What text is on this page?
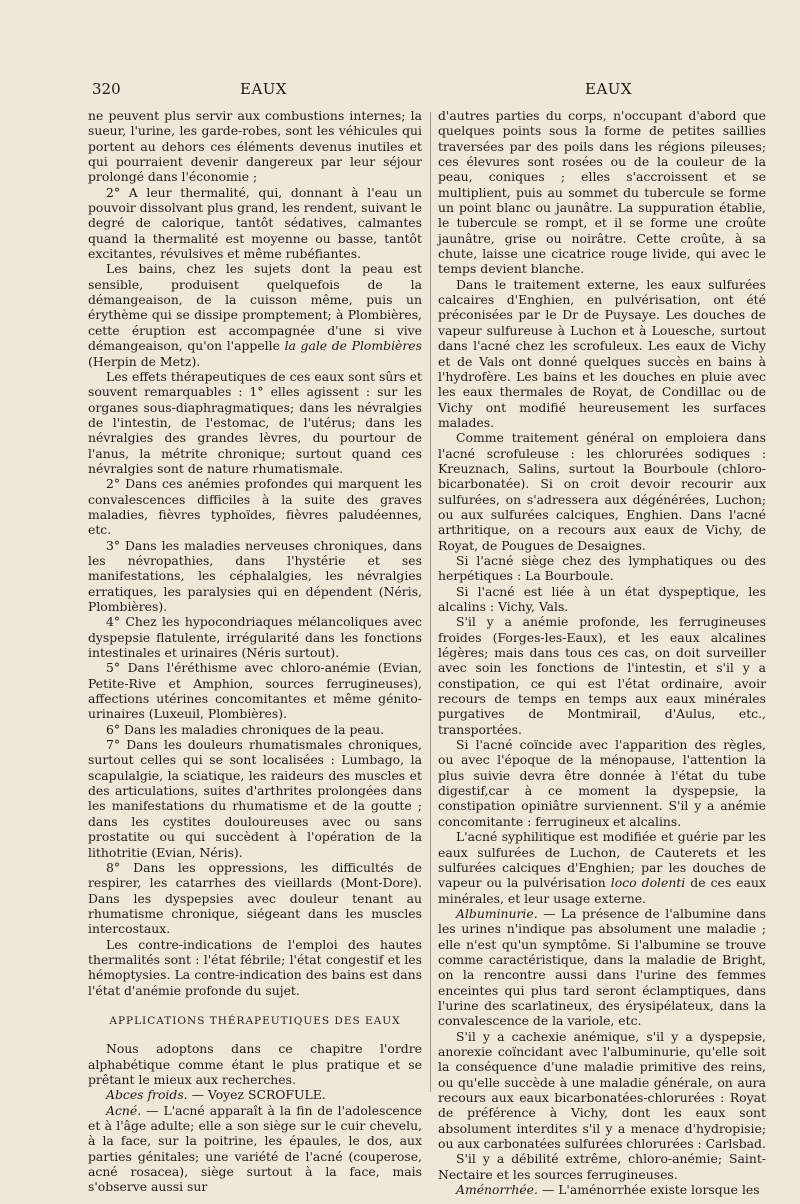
320	EAUX	EAUX

ne peuvent plus servir aux combustions internes; la sueur, l'urine, les garde-robes, sont les véhicules qui portent au dehors ces éléments devenus inutiles et qui pourraient devenir dangereux par leur séjour prolongé dans l'économie ;

2° A leur thermalité, qui, donnant à l'eau un pouvoir dissolvant plus grand, les rendent, suivant le degré de calorique, tantôt sédatives, calmantes quand la thermalité est moyenne ou basse, tantôt excitantes, révulsives et même rubéfiantes.

Les bains, chez les sujets dont la peau est sensible, produisent quelquefois de la démangeaison, de la cuisson même, puis un érythème qui se dissipe promptement; à Plombières, cette éruption est accompagnée d'une si vive démangeaison, qu'on l'appelle la gale de Plombières (Herpin de Metz).

Les effets thérapeutiques de ces eaux sont sûrs et souvent remarquables : 1° elles agissent : sur les organes sous-diaphragmatiques; dans les névralgies de l'intestin, de l'estomac, de l'utérus; dans les névralgies des grandes lèvres, du pourtour de l'anus, la métrite chronique; surtout quand ces névralgies sont de nature rhumatismale.

2° Dans ces anémies profondes qui marquent les convalescences difficiles à la suite des graves maladies, fièvres typhoïdes, fièvres paludéennes, etc.

3° Dans les maladies nerveuses chroniques, dans les névropathies, dans l'hystérie et ses manifestations, les céphalalgies, les névralgies erratiques, les paralysies qui en dépendent (Néris, Plombières).

4° Chez les hypocondriaques mélancoliques avec dyspepsie flatulente, irrégularité dans les fonctions intestinales et urinaires (Néris surtout).

5° Dans l'éréthisme avec chloro-anémie (Evian, Petite-Rive et Amphion, sources ferrugineuses), affections utérines concomitantes et même génito-urinaires (Luxeuil, Plombières).

6° Dans les maladies chroniques de la peau.

7° Dans les douleurs rhumatismales chroniques, surtout celles qui se sont localisées : Lumbago, la scapulalgie, la sciatique, les raideurs des muscles et des articulations, suites d'arthrites prolongées dans les manifestations du rhumatisme et de la goutte ; dans les cystites douloureuses avec ou sans prostatite ou qui succèdent à l'opération de la lithotritie (Evian, Néris).

8° Dans les oppressions, les difficultés de respirer, les catarrhes des vieillards (Mont-Dore). Dans les dyspepsies avec douleur tenant au rhumatisme chronique, siégeant dans les muscles intercostaux.

Les contre-indications de l'emploi des hautes thermalités sont : l'état fébrile; l'état congestif et les hémoptysies. La contre-indication des bains est dans l'état d'anémie profonde du sujet.

APPLICATIONS THÉRAPEUTIQUES DES EAUX

Nous adoptons dans ce chapitre l'ordre alphabétique comme étant le plus pratique et se prêtant le mieux aux recherches.

Abces froids. — Voyez SCROFULE.

Acné. — L'acné apparaît à la fin de l'adolescence et à l'âge adulte; elle a son siège sur le cuir chevelu, à la face, sur la poitrine, les épaules, le dos, aux parties génitales; une variété de l'acné (couperose, acné rosacea), siège surtout à la face, mais s'observe aussi sur

d'autres parties du corps, n'occupant d'abord que quelques points sous la forme de petites saillies traversées par des poils dans les régions pileuses; ces élevures sont rosées ou de la couleur de la peau, coniques ; elles s'accroissent et se multiplient, puis au sommet du tubercule se forme un point blanc ou jaunâtre. La suppuration établie, le tubercule se rompt, et il se forme une croûte jaunâtre, grise ou noirâtre. Cette croûte, à sa chute, laisse une cicatrice rouge livide, qui avec le temps devient blanche.

Dans le traitement externe, les eaux sulfurées calcaires d'Enghien, en pulvérisation, ont été préconisées par le Dr de Puysaye. Les douches de vapeur sulfureuse à Luchon et à Louesche, surtout dans l'acné chez les scrofuleux. Les eaux de Vichy et de Vals ont donné quelques succès en bains à l'hydrofère. Les bains et les douches en pluie avec les eaux thermales de Royat, de Condillac ou de Vichy ont modifié heureusement les surfaces malades.

Comme traitement général on emploiera dans l'acné scrofuleuse : les chlorurées sodiques : Kreuznach, Salins, surtout la Bourboule (chloro-bicarbonatée). Si on croit devoir recourir aux sulfurées, on s'adressera aux dégénérées, Luchon; ou aux sulfurées calciques, Enghien. Dans l'acné arthritique, on a recours aux eaux de Vichy, de Royat, de Pougues de Desaignes.

Si l'acné siège chez des lymphatiques ou des herpétiques : La Bourboule.

Si l'acné est liée à un état dyspeptique, les alcalins : Vichy, Vals.

S'il y a anémie profonde, les ferrugineuses froides (Forges-les-Eaux), et les eaux alcalines légères; mais dans tous ces cas, on doit surveiller avec soin les fonctions de l'intestin, et s'il y a constipation, ce qui est l'état ordinaire, avoir recours de temps en temps aux eaux minérales purgatives de Montmirail, d'Aulus, etc., transportées.

Si l'acné coïncide avec l'apparition des règles, ou avec l'époque de la ménopause, l'attention la plus suivie devra être donnée à l'état du tube digestif,car à ce moment la dyspepsie, la constipation opiniâtre surviennent. S'il y a anémie concomitante : ferrugineux et alcalins.

L'acné syphilitique est modifiée et guérie par les eaux sulfurées de Luchon, de Cauterets et les sulfurées calciques d'Enghien; par les douches de vapeur ou la pulvérisation loco dolenti de ces eaux minérales, et leur usage externe.

Albuminurie. — La présence de l'albumine dans les urines n'indique pas absolument une maladie ; elle n'est qu'un symptôme. Si l'albumine se trouve comme caractéristique, dans la maladie de Bright, on la rencontre aussi dans l'urine des femmes enceintes qui plus tard seront éclamptiques, dans l'urine des scarlatineux, des érysipélateux, dans la convalescence de la variole, etc.

S'il y a cachexie anémique, s'il y a dyspepsie, anorexie coïncidant avec l'albuminurie, qu'elle soit la conséquence d'une maladie primitive des reins, ou qu'elle succède à une maladie générale, on aura recours aux eaux bicarbonatées-chlorurées : Royat de préférence à Vichy, dont les eaux sont absolument interdites s'il y a menace d'hydropisie; ou aux carbonatées sulfurées chlorurées : Carlsbad.

S'il y a débilité extrême, chloro-anémie; Saint-Nectaire et les sources ferrugineuses.

Aménorrhée. — L'aménorrhée existe lorsque les
